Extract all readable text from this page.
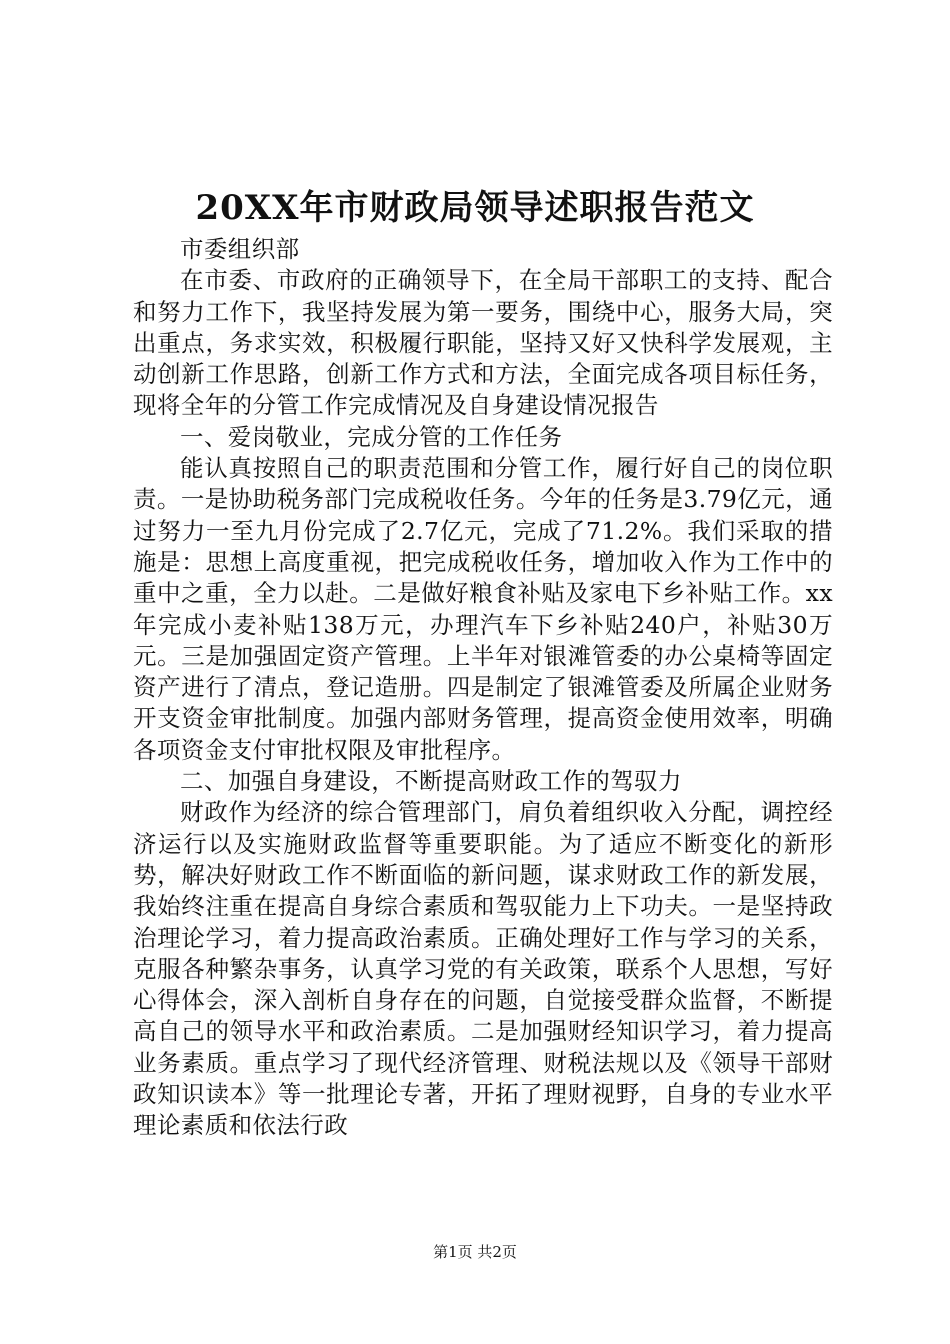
20XX年市财政局领导述职报告范文

市委组织部

在市委、市政府的正确领导下，在全局干部职工的支持、配合和努力工作下，我坚持发展为第一要务，围绕中心，服务大局，突出重点，务求实效，积极履行职能，坚持又好又快科学发展观，主动创新工作思路，创新工作方式和方法，全面完成各项目标任务，现将全年的分管工作完成情况及自身建设情况报告

一、爱岗敬业，完成分管的工作任务

能认真按照自己的职责范围和分管工作，履行好自己的岗位职责。一是协助税务部门完成税收任务。今年的任务是3.79亿元，通过努力一至九月份完成了2.7亿元，完成了71.2%。我们采取的措施是：思想上高度重视，把完成税收任务，增加收入作为工作中的重中之重，全力以赴。二是做好粮食补贴及家电下乡补贴工作。xx年完成小麦补贴138万元，办理汽车下乡补贴240户，补贴30万元。三是加强固定资产管理。上半年对银滩管委的办公桌椅等固定资产进行了清点，登记造册。四是制定了银滩管委及所属企业财务开支资金审批制度。加强内部财务管理，提高资金使用效率，明确各项资金支付审批权限及审批程序。

二、加强自身建设，不断提高财政工作的驾驭力

财政作为经济的综合管理部门，肩负着组织收入分配，调控经济运行以及实施财政监督等重要职能。为了适应不断变化的新形势，解决好财政工作不断面临的新问题，谋求财政工作的新发展，我始终注重在提高自身综合素质和驾驭能力上下功夫。一是坚持政治理论学习，着力提高政治素质。正确处理好工作与学习的关系，克服各种繁杂事务，认真学习党的有关政策，联系个人思想，写好心得体会，深入剖析自身存在的问题，自觉接受群众监督，不断提高自己的领导水平和政治素质。二是加强财经知识学习，着力提高业务素质。重点学习了现代经济管理、财税法规以及《领导干部财政知识读本》等一批理论专著，开拓了理财视野，自身的专业水平理论素质和依法行政

第1页 共2页
